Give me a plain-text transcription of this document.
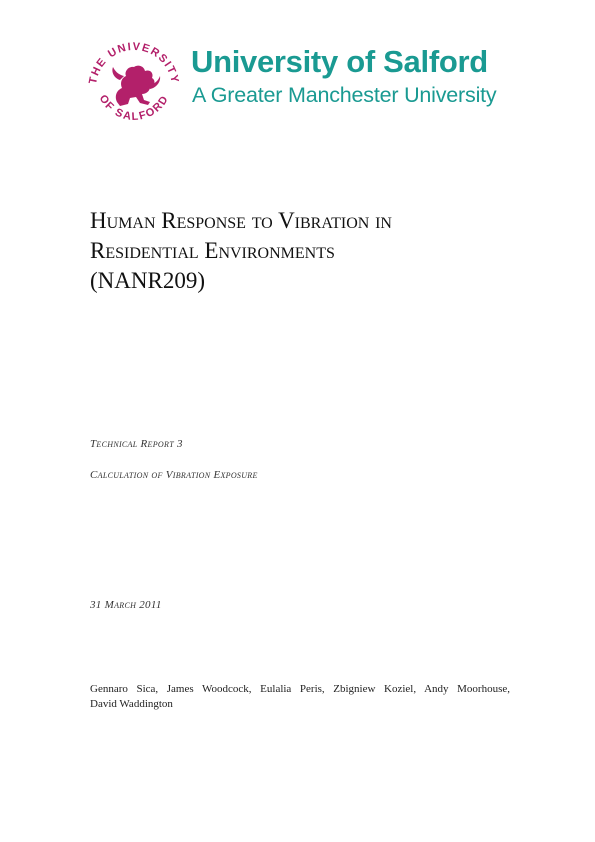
THE UNIVERSITY
OF SALFORD
University of Salford
A Greater Manchester University
Human Response to Vibration in
Residential Environments
(NANR209)
Technical Report 3
Calculation of Vibration Exposure
31 March 2011
Gennaro Sica, James Woodcock, Eulalia Peris, Zbigniew Koziel, Andy Moorhouse,
David Waddington
